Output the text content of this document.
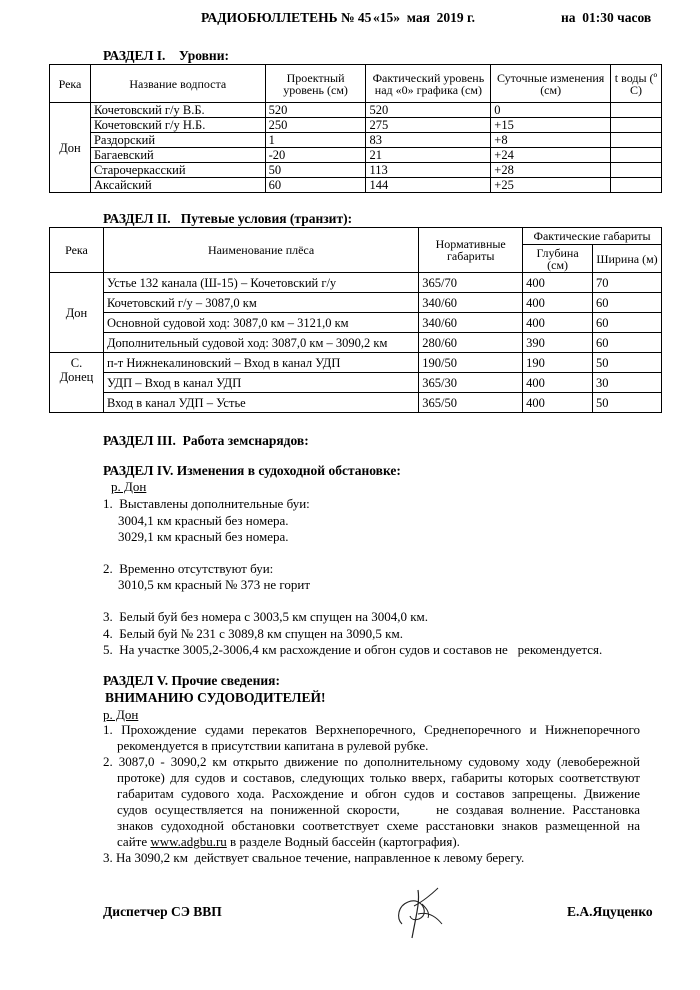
РАДИОБЮЛЛЕТЕНЬ № 45 «15»  мая  2019 г.	на  01:30 часов
РАЗДЕЛ I.    Уровни:
Река	Название водпоста	Проектный уровень (см)	Фактический уровень над «0» графика (см)	Суточные изменения (см)	t воды (º C)
Дон	Кочетовский г/у В.Б.	520	520	0	
	Кочетовский г/у Н.Б.	250	275	+15	
	Раздорский	1	83	+8	
	Багаевский	-20	21	+24	
	Старочеркасский	50	113	+28	
	Аксайский	60	144	+25	
РАЗДЕЛ II.   Путевые условия (транзит):
Река	Наименование плёса	Нормативные габариты	Фактические габариты	
			Глубина (см)	Ширина (м)
Дон	Устье 132 канала (Ш-15) – Кочетовский г/у	365/70	400	70
	Кочетовский г/у – 3087,0 км	340/60	400	60
	Основной судовой ход: 3087,0 км – 3121,0 км	340/60	400	60
	Дополнительный судовой ход: 3087,0 км – 3090,2 км	280/60	390	60
С. Донец	п-т Нижнекалиновский – Вход в канал УДП	190/50	190	50
	УДП – Вход в канал УДП	365/30	400	30
	Вход в канал УДП – Устье	365/50	400	50
РАЗДЕЛ III.  Работа земснарядов:
РАЗДЕЛ IV. Изменения в судоходной обстановке:
р. Дон
1.  Выставлены дополнительные буи:
3004,1 км красный без номера.
3029,1 км красный без номера.
2.  Временно отсутствуют буи:
3010,5 км красный № 373 не горит
3.  Белый буй без номера с 3003,5 км спущен на 3004,0 км.
4.  Белый буй № 231 с 3089,8 км спущен на 3090,5 км.
5.  На участке 3005,2-3006,4 км расхождение и обгон судов и составов не   рекомендуется.
РАЗДЕЛ V. Прочие сведения:
ВНИМАНИЮ СУДОВОДИТЕЛЕЙ!
р. Дон
1. Прохождение судами перекатов Верхнепоречного, Среднепоречного и Нижнепоречного
рекомендуется в присутствии капитана в рулевой рубке.
2. 3087,0 - 3090,2 км открыто движение по дополнительному судовому ходу (левобережной
протоке) для судов и составов, следующих только вверх, габариты которых соответствуют
габаритам судового хода. Расхождение и обгон судов и составов запрещены. Движение
судов осуществляется на пониженной скорости,     не создавая волнение. Расстановка
знаков судоходной обстановки соответствует схеме расстановки знаков размещенной на
сайте www.adgbu.ru в разделе Водный бассейн (картография).
3. На 3090,2 км  действует свальное течение, направленное к левому берегу.
Диспетчер СЭ ВВП	Е.А.Яцуценко
